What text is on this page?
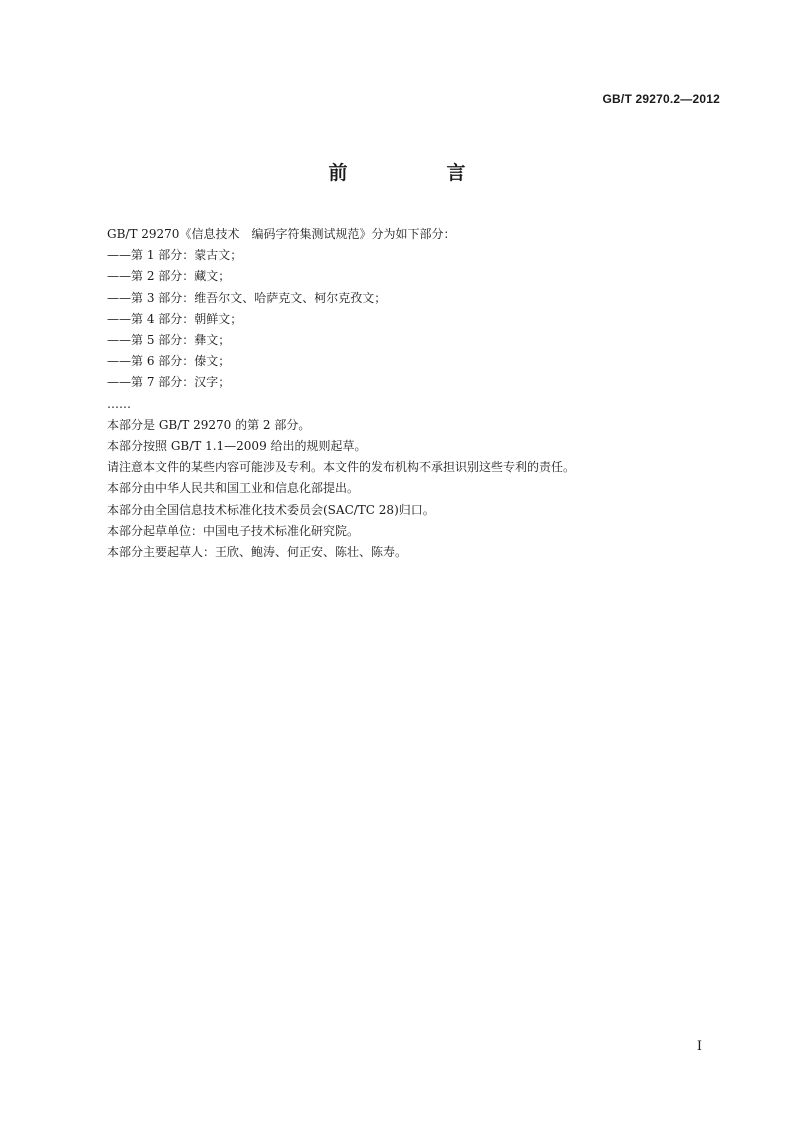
GB/T 29270.2—2012
前　言
GB/T 29270《信息技术　编码字符集测试规范》分为如下部分：
——第 1 部分：蒙古文；
——第 2 部分：藏文；
——第 3 部分：维吾尔文、哈萨克文、柯尔克孜文；
——第 4 部分：朝鲜文；
——第 5 部分：彝文；
——第 6 部分：傣文；
——第 7 部分：汉字；
……
本部分是 GB/T 29270 的第 2 部分。
本部分按照 GB/T 1.1—2009 给出的规则起草。
请注意本文件的某些内容可能涉及专利。本文件的发布机构不承担识别这些专利的责任。
本部分由中华人民共和国工业和信息化部提出。
本部分由全国信息技术标准化技术委员会(SAC/TC 28)归口。
本部分起草单位：中国电子技术标准化研究院。
本部分主要起草人：王欣、鲍涛、何正安、陈壮、陈寿。
I
